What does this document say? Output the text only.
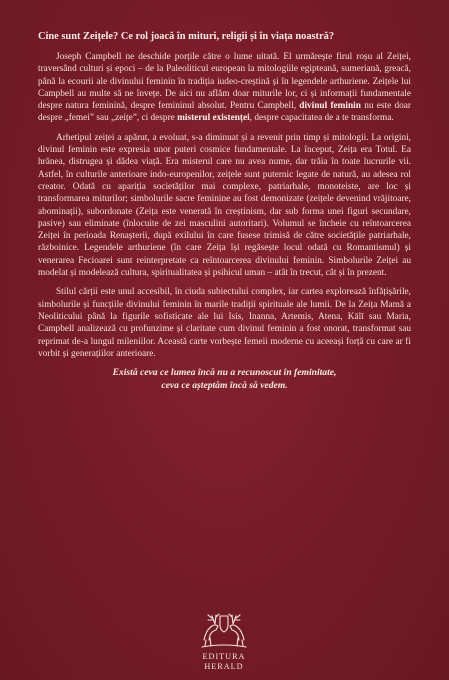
Cine sunt Zeițele? Ce rol joacă în mituri, religii și în viața noastră?

Joseph Campbell ne deschide porțile către o lume uitată. El urmărește firul roșu al Zeiței, traversând culturi și epoci – de la Paleoliticul european la mitologiile egipteană, sumeriană, greacă, până la ecourii ale divinului feminin în tradiția iudeo-creștină și în legendele arthuriene. Zeițele lui Campbell au multe să ne învețe. De aici nu aflăm doar miturile lor, ci și informații fundamentale despre natura feminină, despre femininul absolut. Pentru Campbell, divinul feminin nu este doar despre „femei” sau „zeițe”, ci despre misterul existenței, despre capacitatea de a te transforma.

Arhetipul zeiței a apărut, a evoluat, s-a diminuat și a revenit prin timp și mitologii. La origini, divinul feminin este expresia unor puteri cosmice fundamentale. La început, Zeița era Totul. Ea hrănea, distrugea și dădea viață. Era misterul care nu avea nume, dar trăia în toate lucrurile vii. Astfel, în culturile anterioare indo-europenilor, zeițele sunt puternic legate de natură, au adesea rol creator. Odată cu apariția societăților mai complexe, patriarhale, monoteiste, are loc și transformarea miturilor; simbolurile sacre feminine au fost demonizate (zeițele devenind vrăjitoare, abominații), subordonate (Zeița este venerată în creștinism, dar sub forma unei figuri secundare, pasive) sau eliminate (înlocuite de zei masculini autoritari). Volumul se încheie cu reîntoarcerea Zeiței în perioada Renașterii, după exilului în care fusese trimisă de către societățile patriarhale, războinice. Legendele arthuriene (în care Zeița își regăsește locul odată cu Romantismul) și venerarea Fecioarei sunt reinterpretate ca reîntoarcerea divinului feminin. Simbolurile Zeiței au modelat și modelează cultura, spiritualitatea și psihicul uman – atât în trecut, cât și în prezent.

Stilul cărții este unul accesibil, în ciuda subiectului complex, iar cartea explorează înfățișările, simbolurile și funcțiile divinului feminin în marile tradiții spirituale ale lumii. De la Zeița Mamă a Neoliticului până la figurile sofisticate ale lui Isis, Inanna, Artemis, Atena, Kālī sau Maria, Campbell analizează cu profunzime și claritate cum divinul feminin a fost onorat, transformat sau reprimat de-a lungul mileniilor. Această carte vorbește femeii moderne cu aceeași forță cu care ar fi vorbit și generațiilor anterioare.

Există ceva ce lumea încă nu a recunoscut în feminitate,
ceva ce așteptăm încă să vedem.
EDITURA
HERALD
